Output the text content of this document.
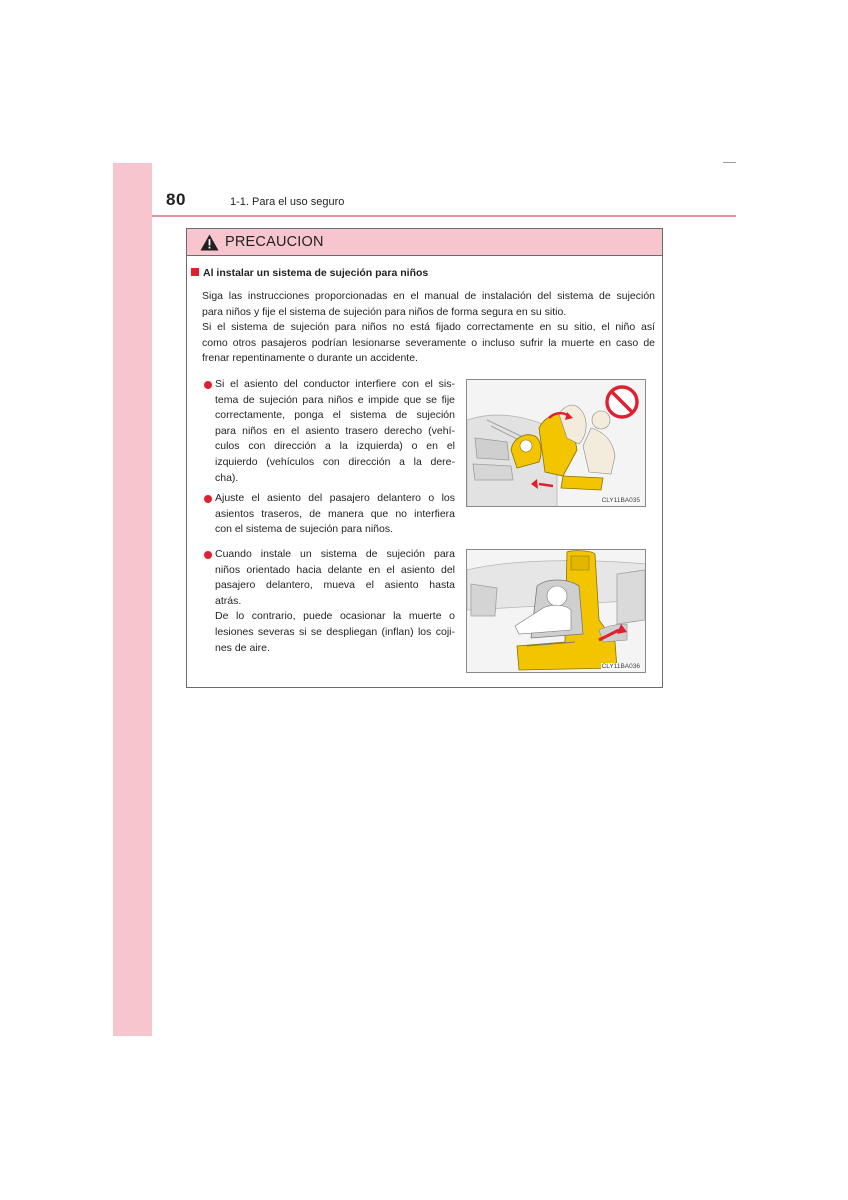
80	1-1. Para el uso seguro
PRECAUCION
Al instalar un sistema de sujeción para niños
Siga las instrucciones proporcionadas en el manual de instalación del sistema de sujeción
para niños y fije el sistema de sujeción para niños de forma segura en su sitio.
Si el sistema de sujeción para niños no está fijado correctamente en su sitio, el niño así
como otros pasajeros podrían lesionarse severamente o incluso sufrir la muerte en caso de
frenar repentinamente o durante un accidente.
Si el asiento del conductor interfiere con el sis-
tema de sujeción para niños e impide que se fije
correctamente, ponga el sistema de sujeción
para niños en el asiento trasero derecho (vehí-
culos con dirección a la izquierda) o en el
izquierdo (vehículos con dirección a la dere-
cha).
Ajuste el asiento del pasajero delantero o los
asientos traseros, de manera que no interfiera
con el sistema de sujeción para niños.
Cuando instale un sistema de sujeción para
niños orientado hacia delante en el asiento del
pasajero delantero, mueva el asiento hasta
atrás.
De lo contrario, puede ocasionar la muerte o
lesiones severas si se despliegan (inflan) los coji-
nes de aire.
CLY11BA035
CLY11BA036
